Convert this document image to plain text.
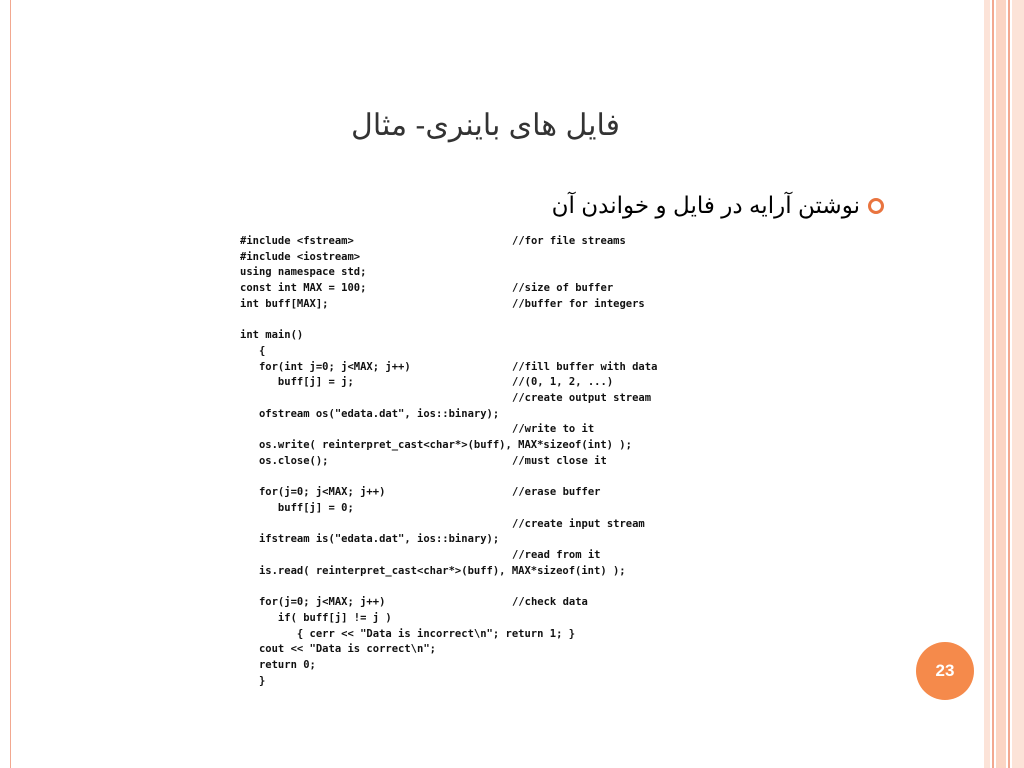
فایل های باینری- مثال
نوشتن آرایه در فایل و خواندن آن
#include <fstream>	//for file streams
#include <iostream>
using namespace std;
const int MAX = 100;	//size of buffer
int buff[MAX];	//buffer for integers
int main()
{
for(int j=0; j<MAX; j++)	//fill buffer with data
buff[j] = j;	//(0, 1, 2, ...)
//create output stream
ofstream os("edata.dat", ios::binary);
//write to it
os.write( reinterpret_cast<char*>(buff), MAX*sizeof(int) );
os.close();	//must close it
for(j=0; j<MAX; j++)	//erase buffer
buff[j] = 0;
//create input stream
ifstream is("edata.dat", ios::binary);
//read from it
is.read( reinterpret_cast<char*>(buff), MAX*sizeof(int) );
for(j=0; j<MAX; j++)	//check data
if( buff[j] != j )
{ cerr << "Data is incorrect\n"; return 1; }
cout << "Data is correct\n";
return 0;
}
23
